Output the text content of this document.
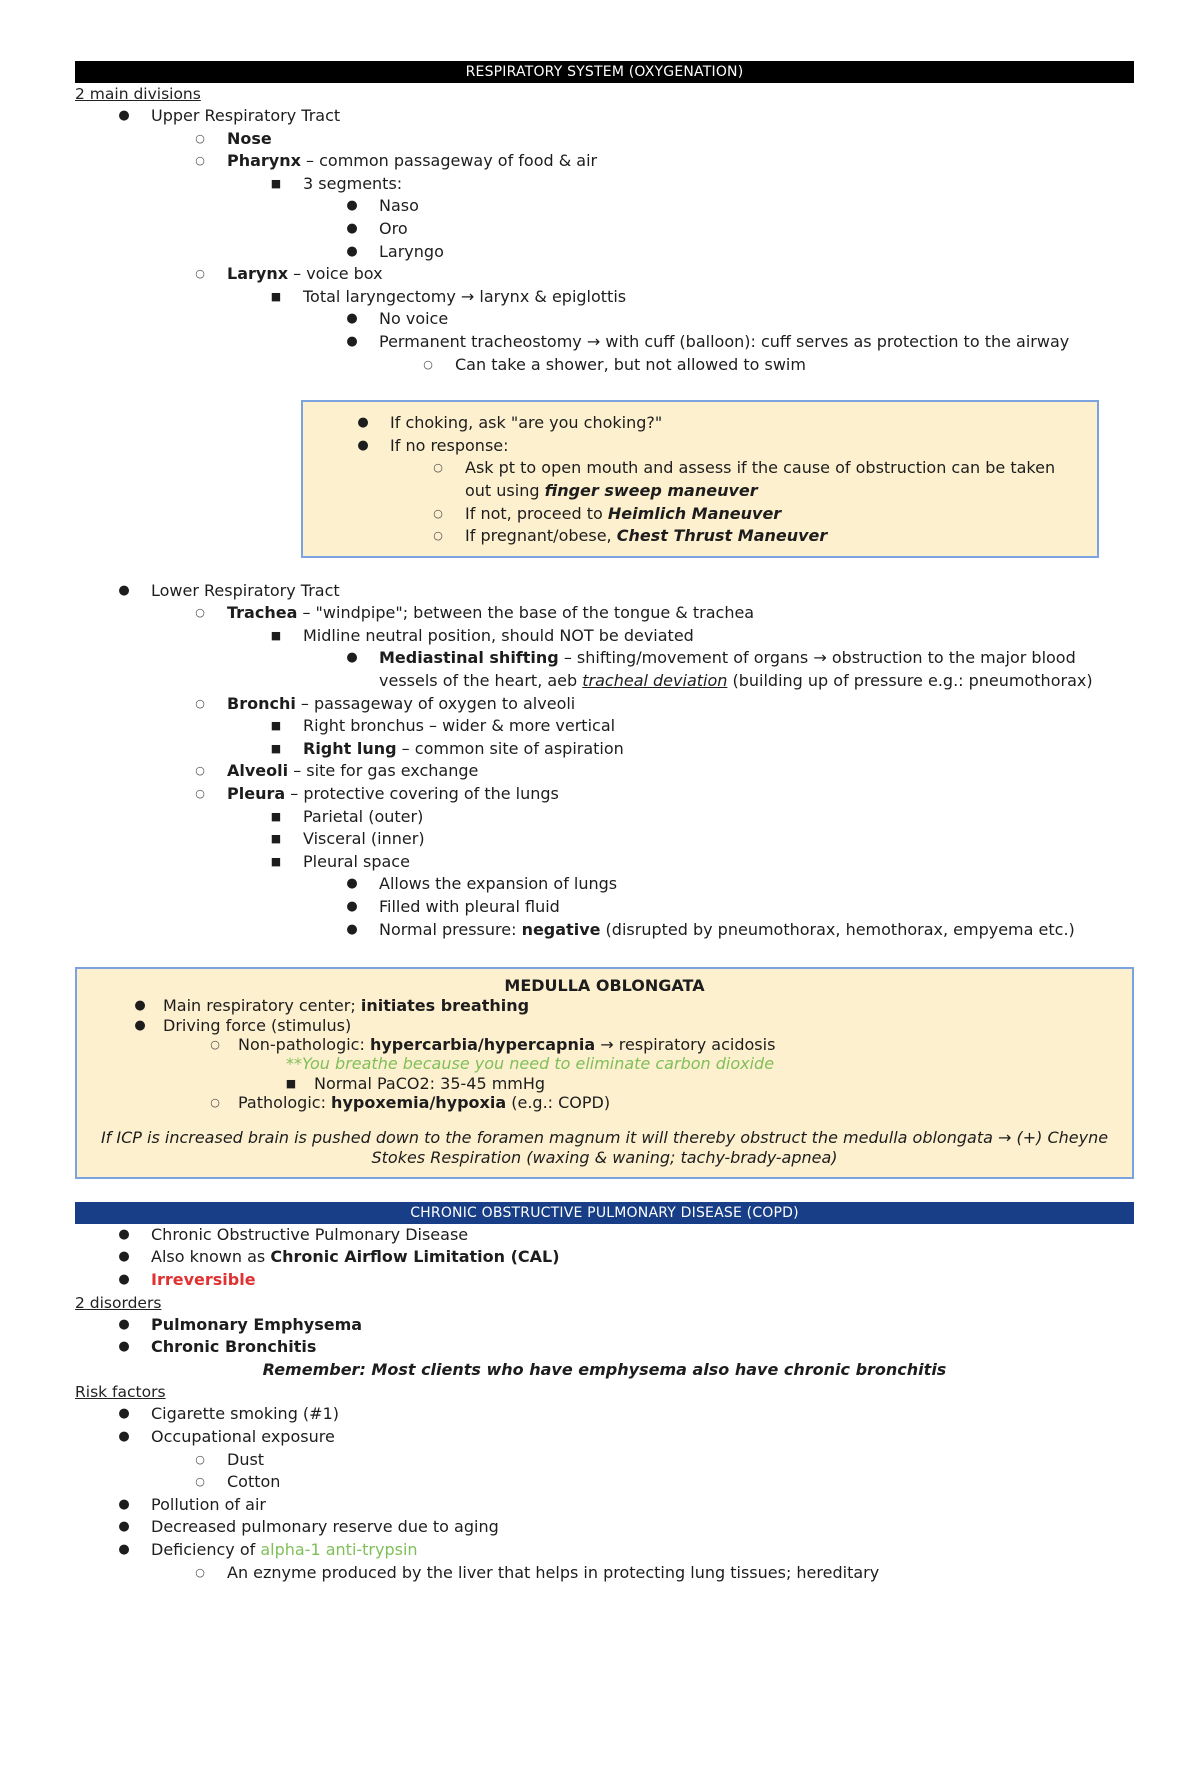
RESPIRATORY SYSTEM (OXYGENATION)
2 main divisions
● Upper Respiratory Tract
○	Nose
○	Pharynx – common passageway of food & air
■ 3 segments:
● Naso
● Oro
● Laryngo
○	Larynx – voice box
■ Total laryngectomy → larynx & epiglottis
● No voice
● Permanent tracheostomy → with cuff (balloon): cuff serves as protection to the airway
○	Can take a shower, but not allowed to swim
● If choking, ask "are you choking?"
● If no response:
○	Ask pt to open mouth and assess if the cause of obstruction can be taken out using finger sweep maneuver
○	If not, proceed to Heimlich Maneuver
○	If pregnant/obese, Chest Thrust Maneuver
● Lower Respiratory Tract
○	Trachea – "windpipe"; between the base of the tongue & trachea
■ Midline neutral position, should NOT be deviated
● Mediastinal shifting – shifting/movement of organs → obstruction to the major blood vessels of the heart, aeb tracheal deviation (building up of pressure e.g.: pneumothorax)
○	Bronchi – passageway of oxygen to alveoli
■ Right bronchus – wider & more vertical
■ Right lung – common site of aspiration
○	Alveoli – site for gas exchange
○	Pleura – protective covering of the lungs
■ Parietal (outer)
■ Visceral (inner)
■ Pleural space
● Allows the expansion of lungs
● Filled with pleural fluid
● Normal pressure: negative (disrupted by pneumothorax, hemothorax, empyema etc.)
MEDULLA OBLONGATA
● Main respiratory center; initiates breathing
● Driving force (stimulus)
○	Non-pathologic: hypercarbia/hypercapnia → respiratory acidosis
**You breathe because you need to eliminate carbon dioxide
■ Normal PaCO2: 35-45 mmHg
○	Pathologic: hypoxemia/hypoxia (e.g.: COPD)
If ICP is increased brain is pushed down to the foramen magnum it will thereby obstruct the medulla oblongata → (+) Cheyne Stokes Respiration (waxing & waning; tachy-brady-apnea)
CHRONIC OBSTRUCTIVE PULMONARY DISEASE (COPD)
● Chronic Obstructive Pulmonary Disease
● Also known as Chronic Airflow Limitation (CAL)
● Irreversible
2 disorders
● Pulmonary Emphysema
● Chronic Bronchitis
Remember: Most clients who have emphysema also have chronic bronchitis
Risk factors
● Cigarette smoking (#1)
● Occupational exposure
○	Dust
○	Cotton
● Pollution of air
● Decreased pulmonary reserve due to aging
● Deficiency of alpha-1 anti-trypsin
○	An eznyme produced by the liver that helps in protecting lung tissues; hereditary
